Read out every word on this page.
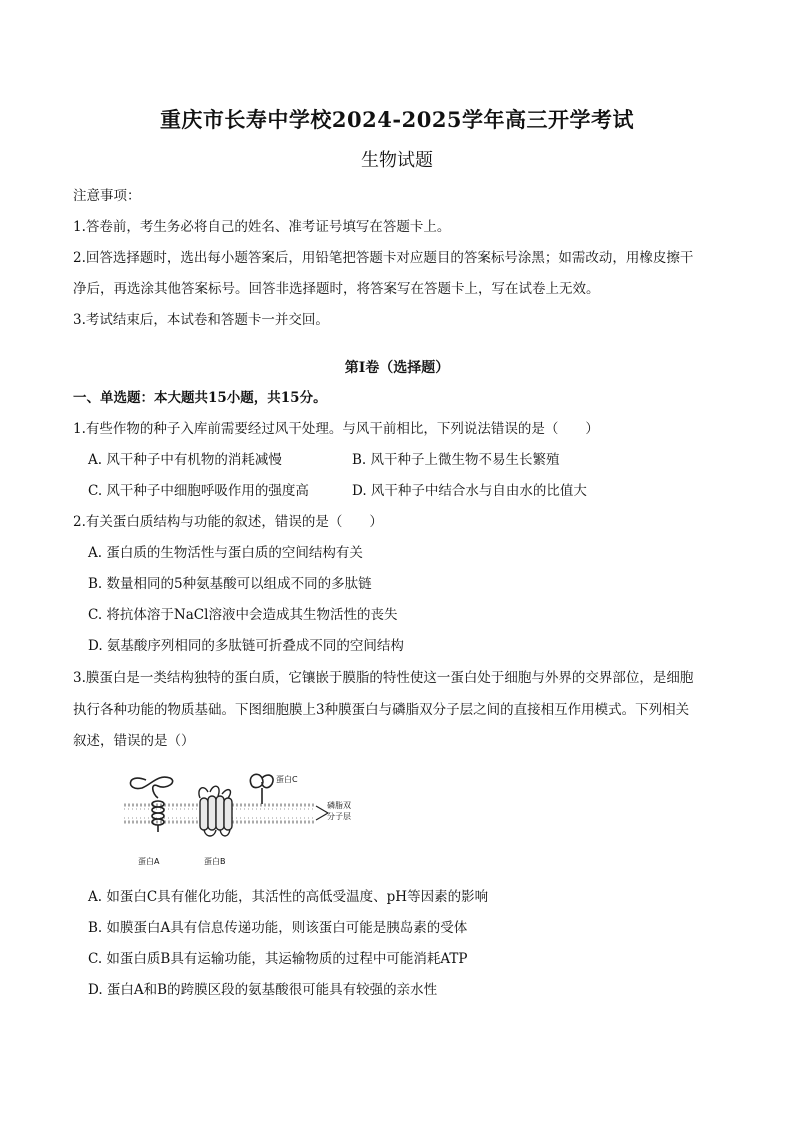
重庆市长寿中学校2024-2025学年高三开学考试
生物试题
注意事项：
1.答卷前，考生务必将自己的姓名、准考证号填写在答题卡上。
2.回答选择题时，选出每小题答案后，用铅笔把答题卡对应题目的答案标号涂黑；如需改动，用橡皮擦干
净后，再选涂其他答案标号。回答非选择题时，将答案写在答题卡上，写在试卷上无效。
3.考试结束后，本试卷和答题卡一并交回。
第I卷（选择题）
一、单选题：本大题共15小题，共15分。
1.有些作物的种子入库前需要经过风干处理。与风干前相比，下列说法错误的是（　　）
A. 风干种子中有机物的消耗减慢	B. 风干种子上微生物不易生长繁殖
C. 风干种子中细胞呼吸作用的强度高	D. 风干种子中结合水与自由水的比值大
2.有关蛋白质结构与功能的叙述，错误的是（　　）
A. 蛋白质的生物活性与蛋白质的空间结构有关
B. 数量相同的5种氨基酸可以组成不同的多肽链
C. 将抗体溶于NaCl溶液中会造成其生物活性的丧失
D. 氨基酸序列相同的多肽链可折叠成不同的空间结构
3.膜蛋白是一类结构独特的蛋白质，它镶嵌于膜脂的特性使这一蛋白处于细胞与外界的交界部位，是细胞
执行各种功能的物质基础。下图细胞膜上3种膜蛋白与磷脂双分子层之间的直接相互作用模式。下列相关
叙述，错误的是（）
蛋白C
磷脂双
分子层
蛋白A	蛋白B
A. 如蛋白C具有催化功能，其活性的高低受温度、pH等因素的影响
B. 如膜蛋白A具有信息传递功能，则该蛋白可能是胰岛素的受体
C. 如蛋白质B具有运输功能，其运输物质的过程中可能消耗ATP
D. 蛋白A和B的跨膜区段的氨基酸很可能具有较强的亲水性
